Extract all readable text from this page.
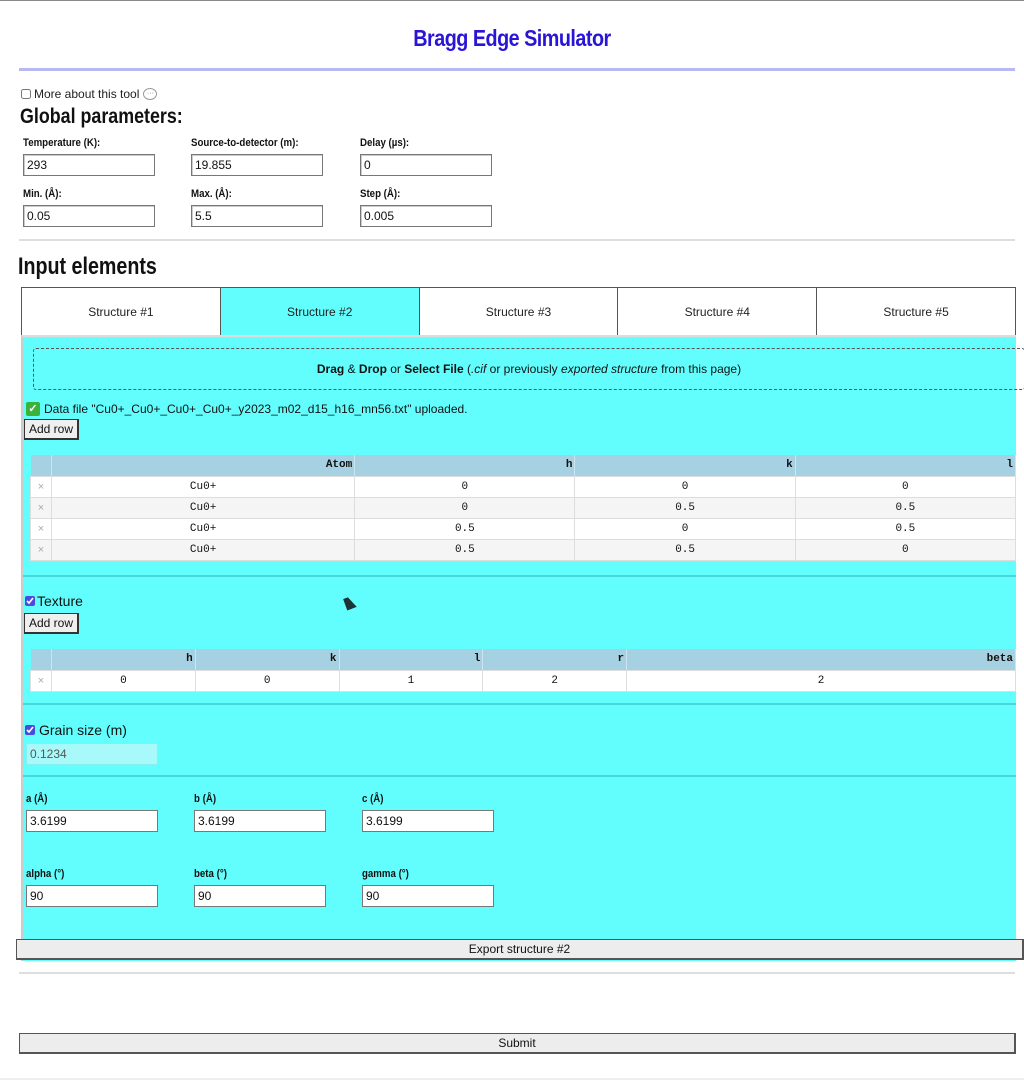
Bragg Edge Simulator
More about this tool	···
Global parameters:
Temperature (K):
293	Source-to-detector (m):
19.855	Delay (µs):
0
Min. (Å):
0.05	Max. (Å):
5.5	Step (Å):
0.005
Input elements
Structure #1	Structure #2	Structure #3	Structure #4	Structure #5
Drag & Drop or Select File (.cif or previously exported structure from this page)
✓ Data file "Cu0+_Cu0+_Cu0+_Cu0+_y2023_m02_d15_h16_mn56.txt" uploaded.
Add row
	Atom	h	k	l
×	Cu0+	0	0	0
×	Cu0+	0	0.5	0.5
×	Cu0+	0.5	0	0.5
×	Cu0+	0.5	0.5	0
Texture
Add row
	h	k	l	r	beta
×	0	0	1	2	2
Grain size (m)
0.1234
a (Å)
3.6199	b (Å)
3.6199	c (Å)
3.6199
alpha (°)
90	beta (°)
90	gamma (°)
90
Export structure #2
Submit
